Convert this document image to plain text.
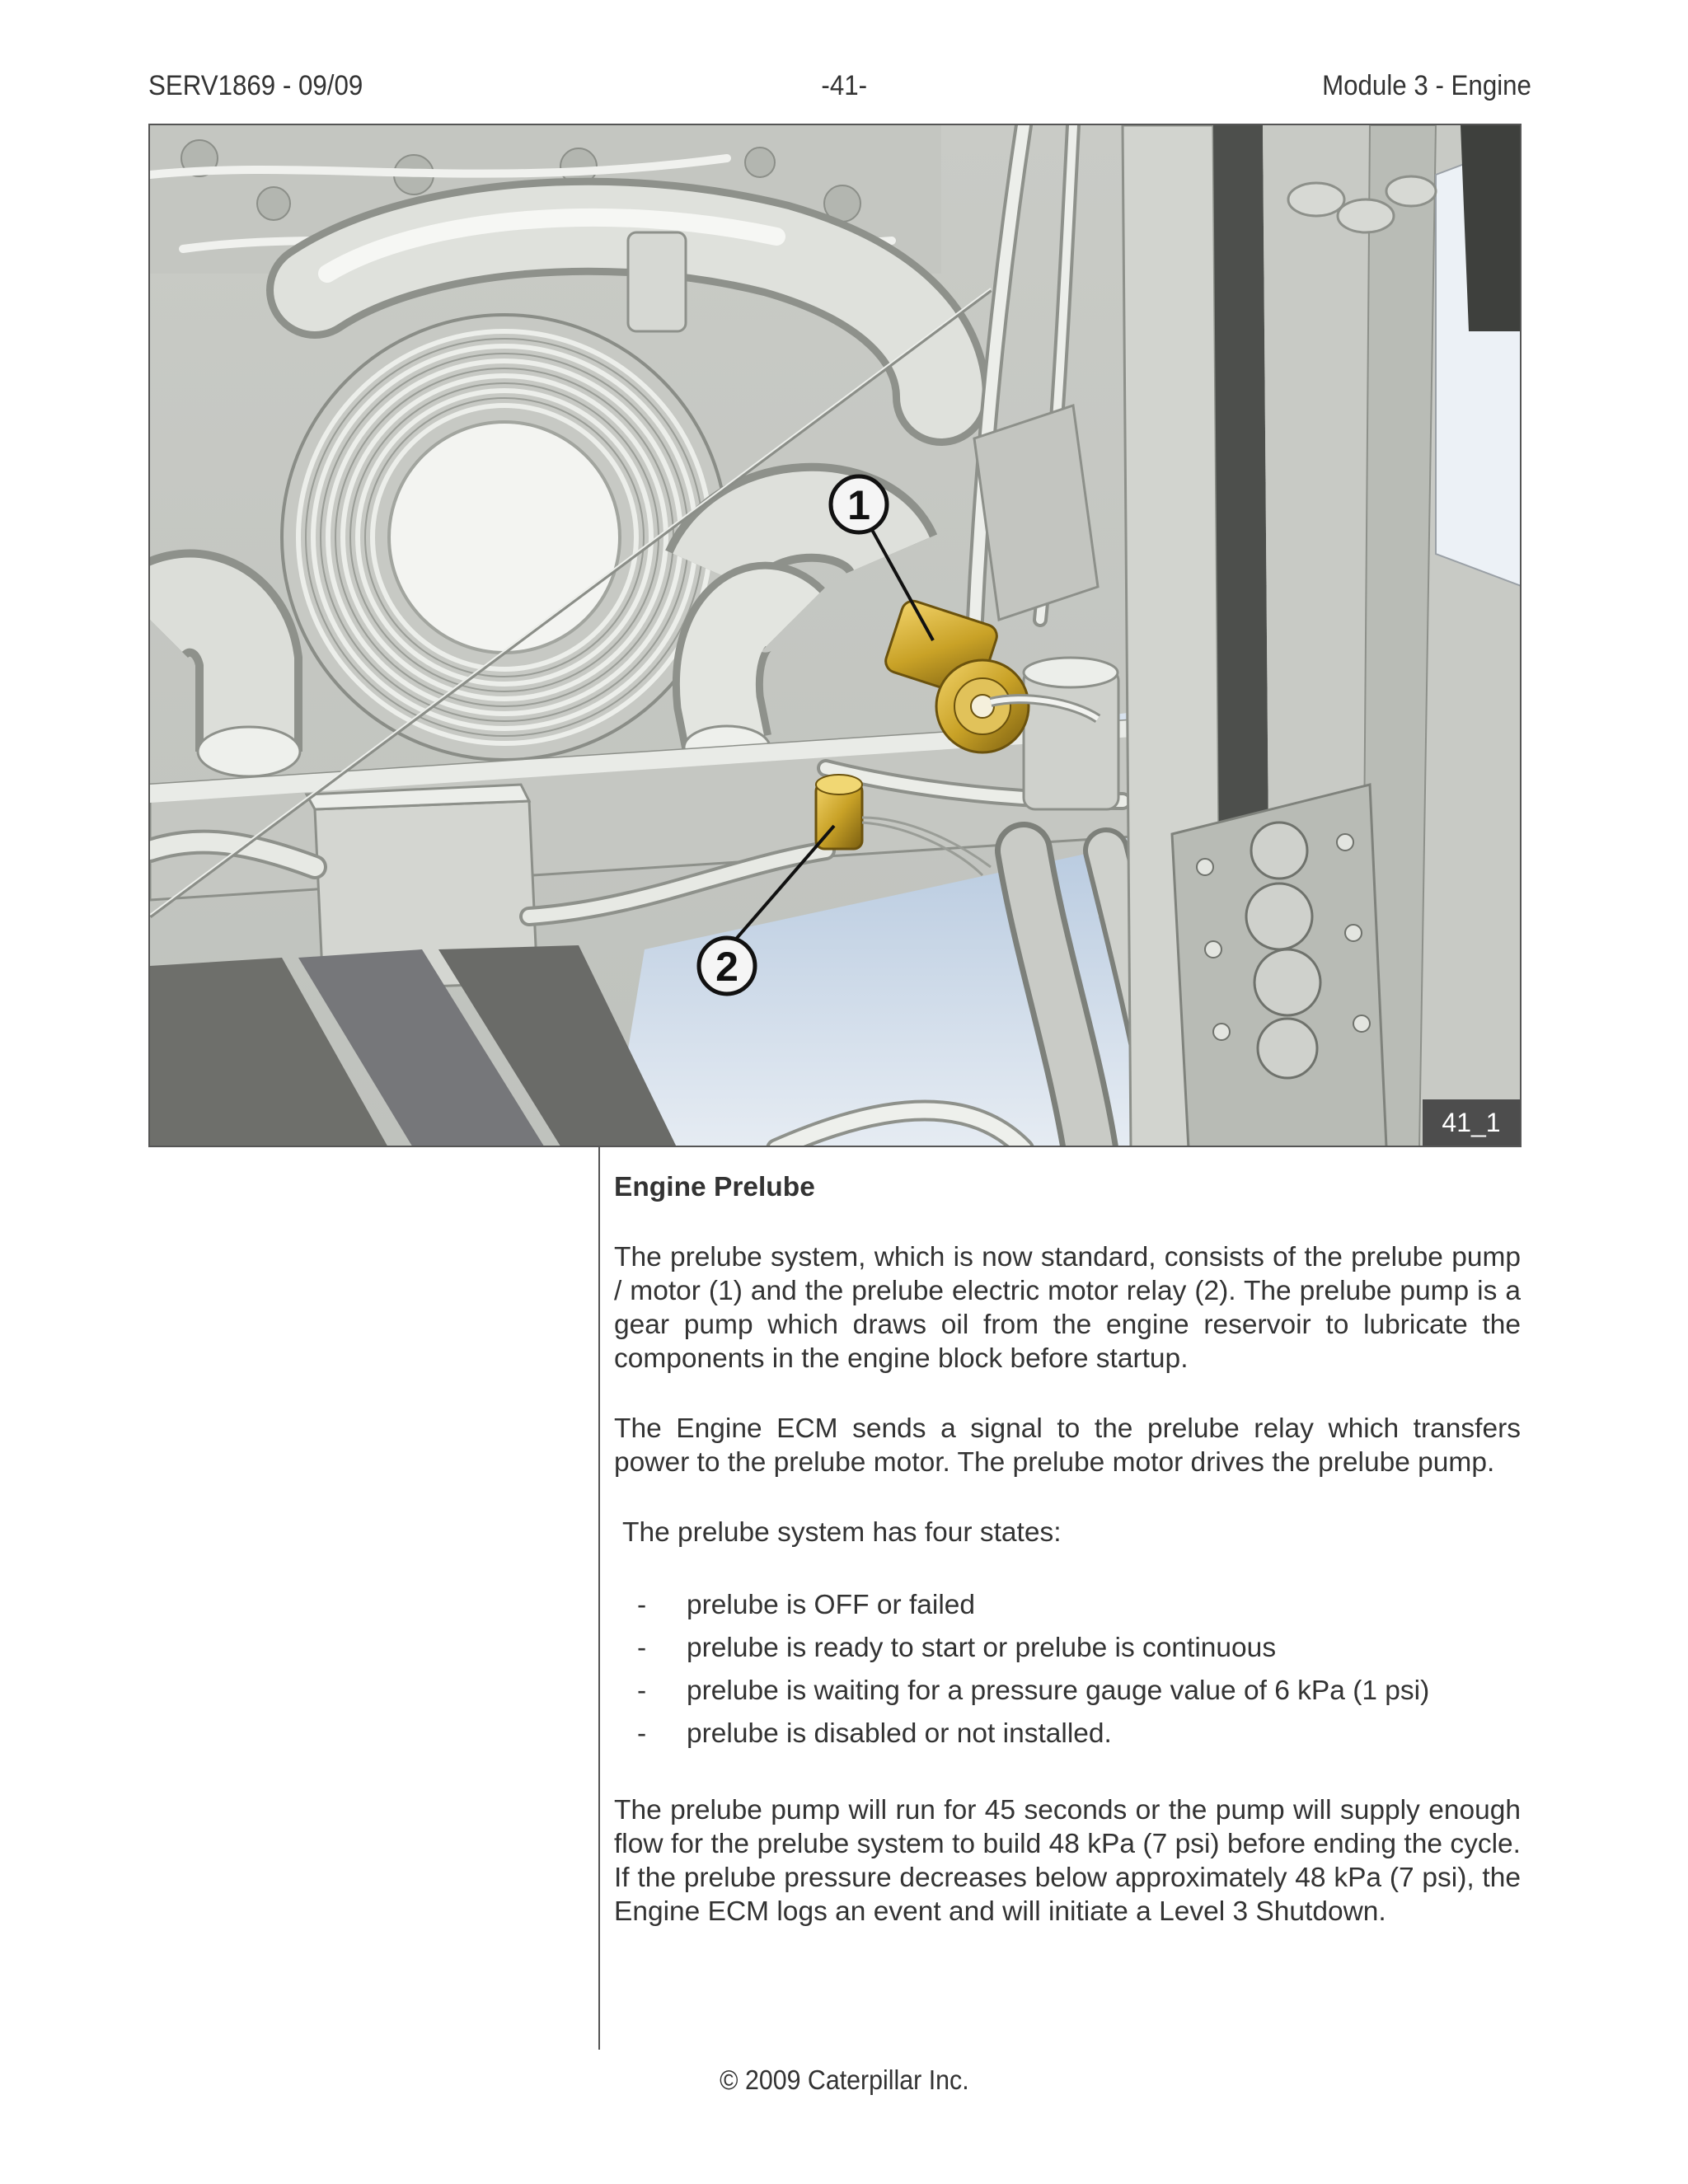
SERV1869 - 09/09	-41-	Module 3 - Engine
1
2
41_1
Engine Prelube

The prelube system, which is now standard, consists of the prelube pump / motor (1) and the prelube electric motor relay (2). The prelube pump is a gear pump which draws oil from the engine reservoir to lubricate the components in the engine block before startup.

The Engine ECM sends a signal to the prelube relay which transfers power to the prelube motor. The prelube motor drives the prelube pump.

The prelube system has four states:
- prelube is OFF or failed
- prelube is ready to start or prelube is continuous
- prelube is waiting for a pressure gauge value of 6 kPa (1 psi)
- prelube is disabled or not installed.

The prelube pump will run for 45 seconds or the pump will supply enough flow for the prelube system to build 48 kPa (7 psi) before ending the cycle. If the prelube pressure decreases below approximately 48 kPa (7 psi), the Engine ECM logs an event and will initiate a Level 3 Shutdown.

© 2009 Caterpillar Inc.
